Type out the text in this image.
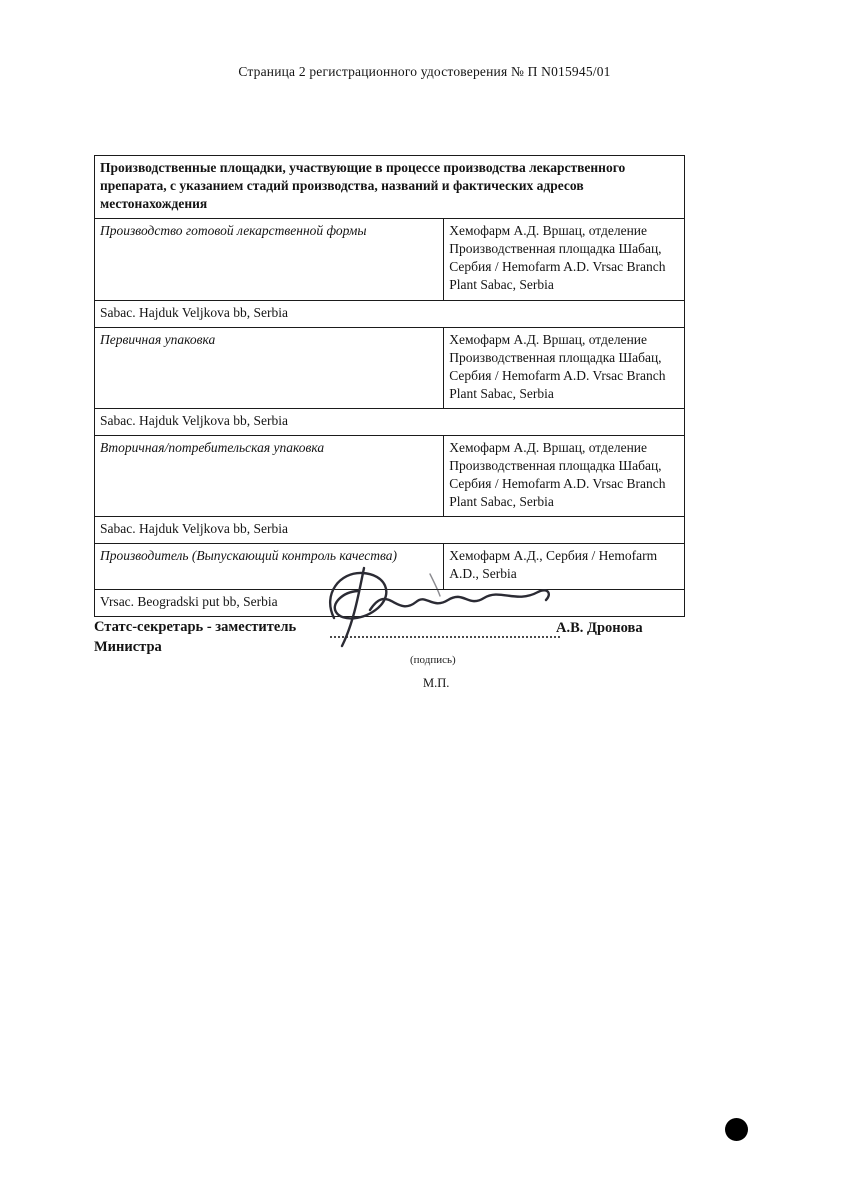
Страница 2 регистрационного удостоверения № П N015945/01
Производственные площадки, участвующие в процессе производства лекарственного препарата, с указанием стадий производства, названий и фактических адресов местонахождения	
Производство готовой лекарственной формы	Хемофарм А.Д. Вршац, отделение Производственная площадка Шабац, Сербия / Hemofarm A.D. Vrsac Branch Plant Sabac, Serbia
Sabac. Hajduk Veljkova bb, Serbia	
Первичная упаковка	Хемофарм А.Д. Вршац, отделение Производственная площадка Шабац, Сербия / Hemofarm A.D. Vrsac Branch Plant Sabac, Serbia
Sabac. Hajduk Veljkova bb, Serbia	
Вторичная/потребительская упаковка	Хемофарм А.Д. Вршац, отделение Производственная площадка Шабац, Сербия / Hemofarm A.D. Vrsac Branch Plant Sabac, Serbia
Sabac. Hajduk Veljkova bb, Serbia	
Производитель (Выпускающий контроль качества)	Хемофарм А.Д., Сербия / Hemofarm A.D., Serbia
Vrsac. Beogradski put bb, Serbia	
Статс-секретарь - заместитель Министра
(подпись)
М.П.
А.В. Дронова
